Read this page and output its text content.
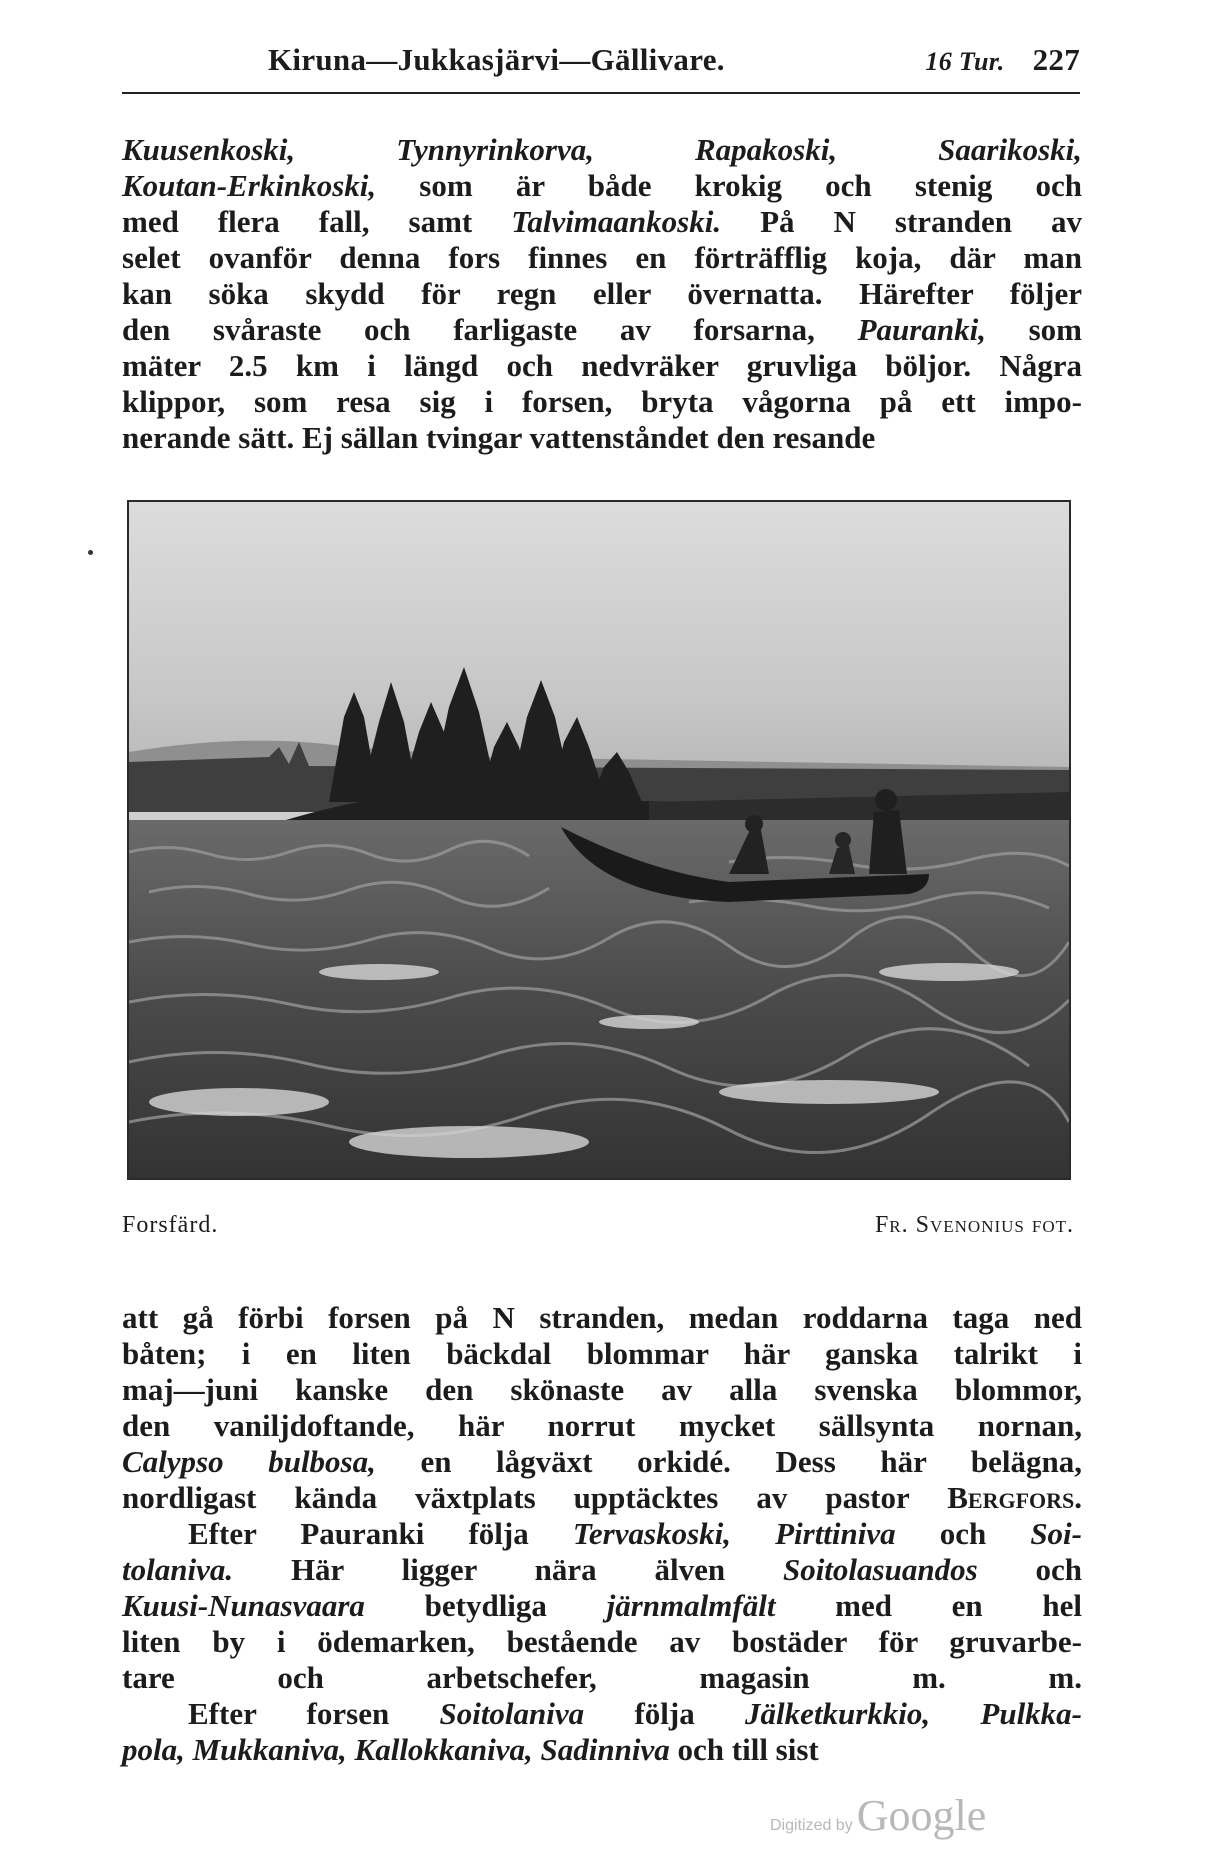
Kiruna—Jukkasjärvi—Gällivare.	16 Tur. 227
Kuusenkoski, Tynnyrinkorva, Rapakoski, Saarikoski,
Koutan-Erkinkoski, som är både krokig och stenig och
med flera fall, samt Talvimaankoski. På N stranden av
selet ovanför denna fors finnes en förträfflig koja, där man
kan söka skydd för regn eller övernatta. Härefter följer
den svåraste och farligaste av forsarna, Pauranki, som
mäter 2.5 km i längd och nedvräker gruvliga böljor. Några
klippor, som resa sig i forsen, bryta vågorna på ett impo-
nerande sätt. Ej sällan tvingar vattenståndet den resande
Forsfärd.	Fr. Svenonius fot.
att gå förbi forsen på N stranden, medan roddarna taga ned
båten; i en liten bäckdal blommar här ganska talrikt i
maj—juni kanske den skönaste av alla svenska blommor,
den vaniljdoftande, här norrut mycket sällsynta nornan,
Calypso bulbosa, en lågväxt orkidé. Dess här belägna,
nordligast kända växtplats upptäcktes av pastor Bergfors.
Efter Pauranki följa Tervaskoski, Pirttiniva och Soi-
tolaniva. Här ligger nära älven Soitolasuandos och
Kuusi-Nunasvaara betydliga järnmalmfält med en hel
liten by i ödemarken, bestående av bostäder för gruvarbe-
tare och arbetschefer, magasin m. m.
Efter forsen Soitolaniva följa Jälketkurkkio, Pulkka-
pola, Mukkaniva, Kallokkaniva, Sadinniva och till sist
Digitized by Google
